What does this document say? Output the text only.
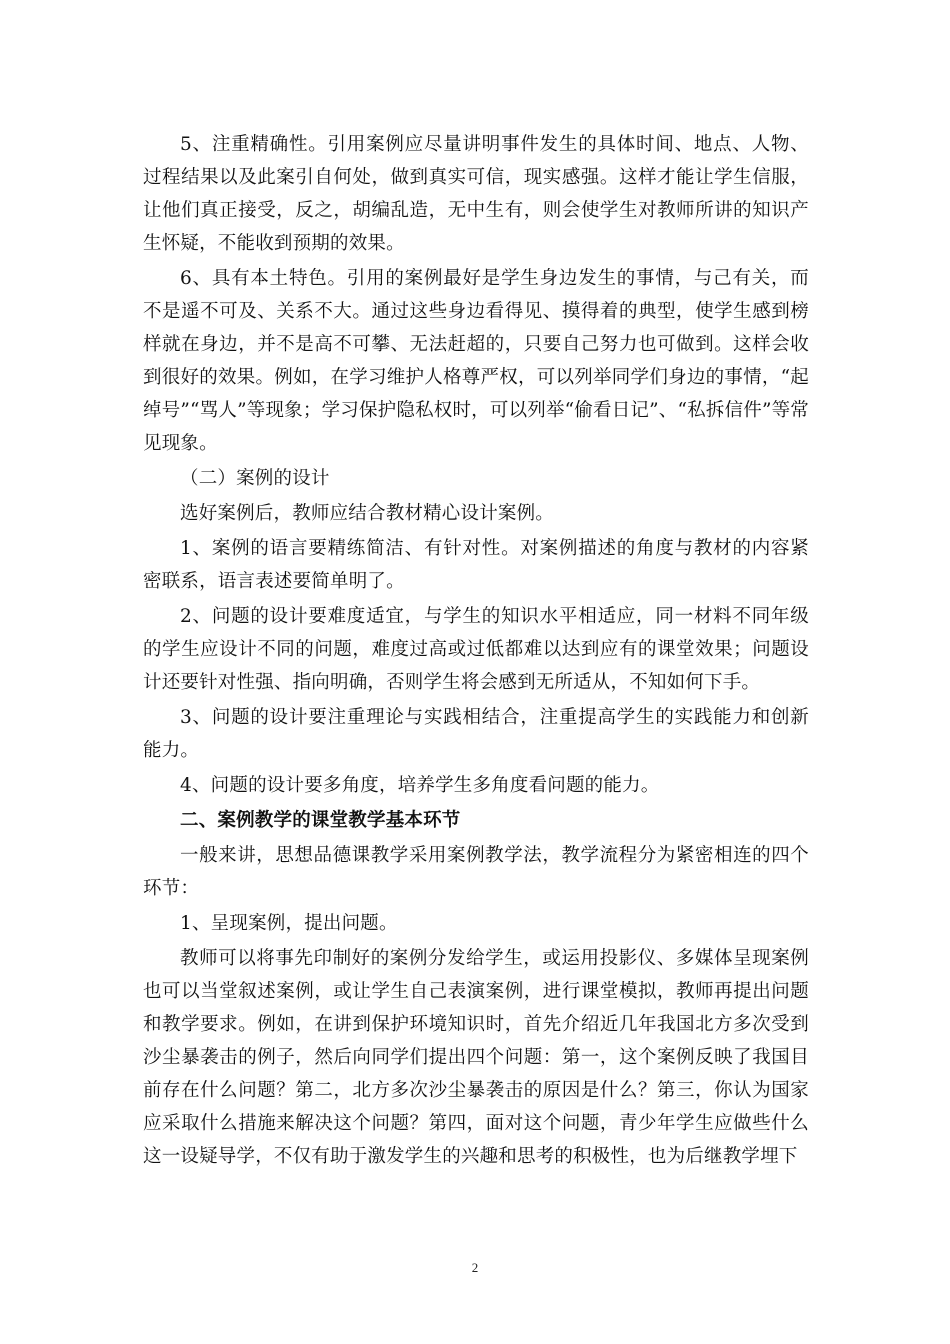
5、注重精确性。引用案例应尽量讲明事件发生的具体时间、地点、人物、过程结果以及此案引自何处，做到真实可信，现实感强。这样才能让学生信服，让他们真正接受，反之，胡编乱造，无中生有，则会使学生对教师所讲的知识产生怀疑，不能收到预期的效果。

6、具有本土特色。引用的案例最好是学生身边发生的事情，与己有关，而不是遥不可及、关系不大。通过这些身边看得见、摸得着的典型，使学生感到榜样就在身边，并不是高不可攀、无法赶超的，只要自己努力也可做到。这样会收到很好的效果。例如，在学习维护人格尊严权，可以列举同学们身边的事情，“起绰号”“骂人”等现象；学习保护隐私权时，可以列举“偷看日记”、“私拆信件”等常见现象。

（二）案例的设计

选好案例后，教师应结合教材精心设计案例。

1、案例的语言要精练简洁、有针对性。对案例描述的角度与教材的内容紧密联系，语言表述要简单明了。

2、问题的设计要难度适宜，与学生的知识水平相适应，同一材料不同年级的学生应设计不同的问题，难度过高或过低都难以达到应有的课堂效果；问题设计还要针对性强、指向明确，否则学生将会感到无所适从，不知如何下手。

3、问题的设计要注重理论与实践相结合，注重提高学生的实践能力和创新能力。

4、问题的设计要多角度，培养学生多角度看问题的能力。

二、案例教学的课堂教学基本环节

一般来讲，思想品德课教学采用案例教学法，教学流程分为紧密相连的四个环节：

1、呈现案例，提出问题。

教师可以将事先印制好的案例分发给学生，或运用投影仪、多媒体呈现案例也可以当堂叙述案例，或让学生自己表演案例，进行课堂模拟，教师再提出问题和教学要求。例如，在讲到保护环境知识时，首先介绍近几年我国北方多次受到沙尘暴袭击的例子，然后向同学们提出四个问题：第一，这个案例反映了我国目前存在什么问题？第二，北方多次沙尘暴袭击的原因是什么？第三，你认为国家应采取什么措施来解决这个问题？第四，面对这个问题，青少年学生应做些什么这一设疑导学，不仅有助于激发学生的兴趣和思考的积极性，也为后继教学埋下

2
